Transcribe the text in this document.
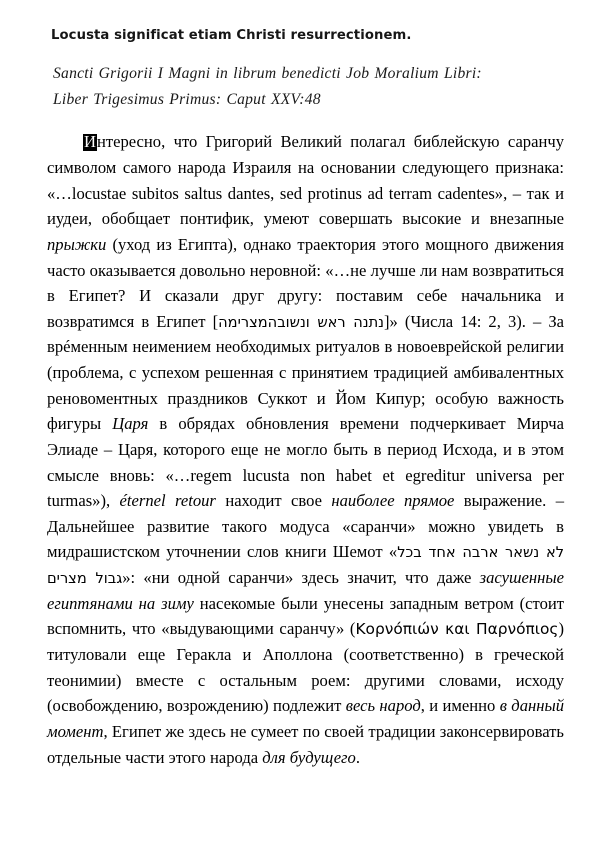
Locusta significat etiam Christi resurrectionem.
Sancti Grigorii I Magni in librum benedicti Job Moralium Libri:
Liber Trigesimus Primus: Caput XXV:48

Интересно, что Григорий Великий полагал библейскую саранчу символом самого народа Израиля на основании следующего признака: «…locustae subitos saltus dantes, sed protinus ad terram cadentes», – так и иудеи, обобщает понтифик, умеют совершать высокие и внезапные прыжки (уход из Египта), однако траектория этого мощного движения часто оказывается довольно неровной: «…не лучше ли нам возвратиться в Египет? И сказали друг другу: поставим себе начальника и возвратимся в Египет [מצרימהנתנה ראש ונשובה]» (Числа 14: 2, 3). – За врéменным неимением необходимых ритуалов в новоеврейской религии (проблема, с успехом решенная с принятием традицией амбивалентных реновоментных праздников Суккот и Йом Кипур; особую важность фигуры Царя в обрядах обновления времени подчеркивает Мирча Элиаде – Царя, которого еще не могло быть в период Исхода, и в этом смысле вновь: «…regem lucusta non habet et egreditur universa per turmas»), éternel retour находит свое наиболее прямое выражение. – Дальнейшее развитие такого модуса «саранчи» можно увидеть в мидрашистском уточнении слов книги Шемот «לא נשאר ארבה אחד בכל גבול מצרים»: «ни одной саранчи» здесь значит, что даже засушенные египтянами на зиму насекомые были унесены западным ветром (стоит вспомнить, что «выдувающими саранчу» (Κορνόπιών και Παρνόπιος) титуловали еще Геракла и Аполлона (соответственно) в греческой теонимии) вместе с остальным роем: другими словами, исходу (освобождению, возрождению) подлежит весь народ, и именно в данный момент, Египет же здесь не сумеет по своей традиции законсервировать отдельные части этого народа для будущего.
